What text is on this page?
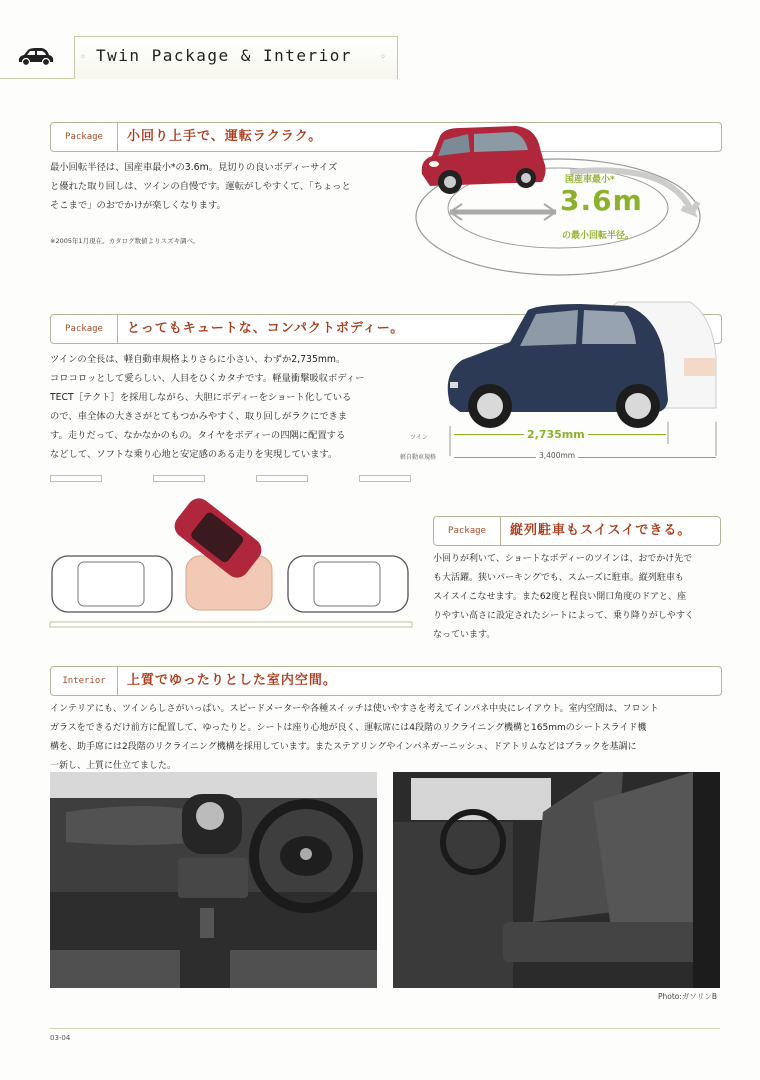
◦ Twin Package & Interior	◦
Package	小回り上手で、運転ラクラク。
最小回転半径は、国産車最小*の3.6m。見切りの良いボディーサイズ
と優れた取り回しは、ツインの自慢です。運転がしやすくて、「ちょっと
そこまで」のおでかけが楽しくなります。
※2005年1月現在。カタログ数値よりスズキ調べ。
国産車最小*
3.6m
の最小回転半径。
Package	とってもキュートな、コンパクトボディー。
ツインの全長は、軽自動車規格よりさらに小さい、わずか2,735mm。
コロコロッとして愛らしい、人目をひくカタチです。軽量衝撃吸収ボディー
TECT［テクト］を採用しながら、大胆にボディーをショート化している
ので、車全体の大きさがとてもつかみやすく、取り回しがラクにできま
す。走りだって、なかなかのもの。タイヤをボディーの四隅に配置する
などして、ソフトな乗り心地と安定感のある走りを実現しています。
ツイン	2,735mm
軽自動車規格	3,400mm
Package	縦列駐車もスイスイできる。
小回りが利いて、ショートなボディーのツインは、おでかけ先で
も大活躍。狭いパーキングでも、スムーズに駐車。縦列駐車も
スイスイこなせます。また62度と程良い開口角度のドアと、座
りやすい高さに設定されたシートによって、乗り降りがしやすく
なっています。
Interior	上質でゆったりとした室内空間。
インテリアにも、ツインらしさがいっぱい。スピードメーターや各種スイッチは使いやすさを考えてインパネ中央にレイアウト。室内空間は、フロント
ガラスをできるだけ前方に配置して、ゆったりと。シートは座り心地が良く、運転席には4段階のリクライニング機構と165mmのシートスライド機
構を、助手席には2段階のリクライニング機構を採用しています。またステアリングやインパネガーニッシュ、ドアトリムなどはブラックを基調に
一新し、上質に仕立てました。
Photo:ガソリンB
03-04
